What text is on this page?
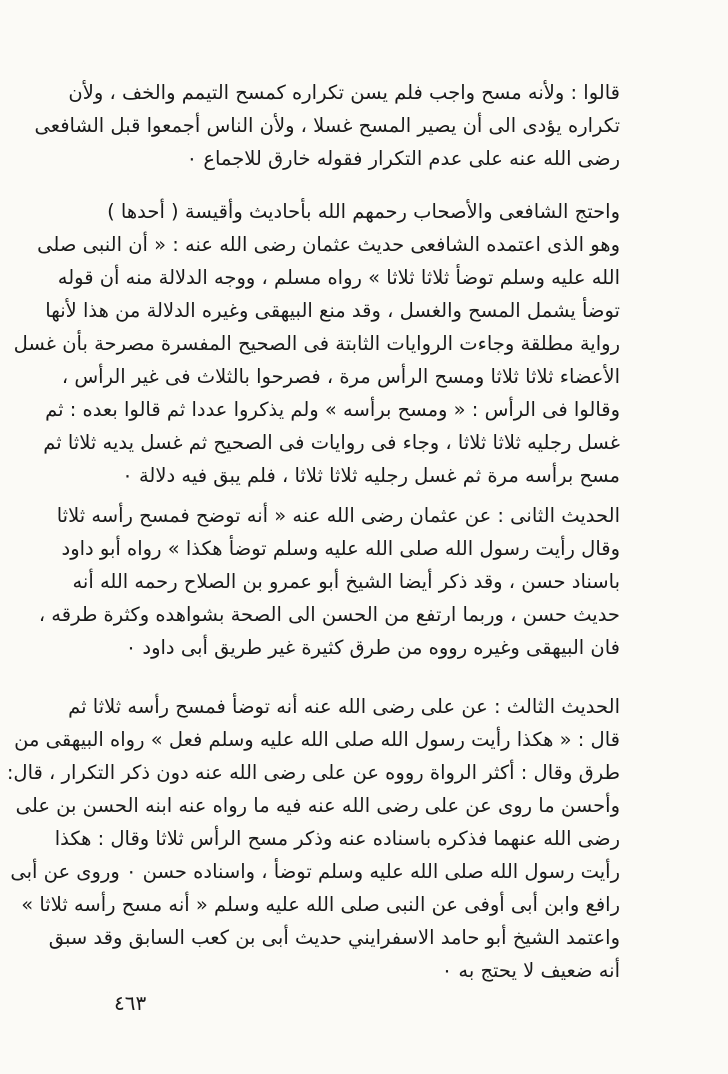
قالوا : ولأنه مسح واجب فلم يسن تكراره كمسح التيمم والخف ، ولأن
تكراره يؤدى الى أن يصير المسح غسلا ، ولأن الناس أجمعوا قبل الشافعى
رضى الله عنه على عدم التكرار فقوله خارق للاجماع ٠
واحتج الشافعى والأصحاب رحمهم الله بأحاديث وأقيسة ( أحدها )
وهو الذى اعتمده الشافعى حديث عثمان رضى الله عنه : « أن النبى صلى
الله عليه وسلم توضأ ثلاثا ثلاثا » رواه مسلم ، ووجه الدلالة منه أن قوله
توضأ يشمل المسح والغسل ، وقد منع البيهقى وغيره الدلالة من هذا لأنها
رواية مطلقة وجاءت الروايات الثابتة فى الصحيح المفسرة مصرحة بأن غسل
الأعضاء ثلاثا ثلاثا ومسح الرأس مرة ، فصرحوا بالثلاث فى غير الرأس ،
وقالوا فى الرأس : « ومسح برأسه » ولم يذكروا عددا ثم قالوا بعده : ثم
غسل رجليه ثلاثا ثلاثا ، وجاء فى روايات فى الصحيح ثم غسل يديه ثلاثا ثم
مسح برأسه مرة ثم غسل رجليه ثلاثا ثلاثا ، فلم يبق فيه دلالة ٠
الحديث الثانى : عن عثمان رضى الله عنه « أنه توضح فمسح رأسه ثلاثا
وقال رأيت رسول الله صلى الله عليه وسلم توضأ هكذا » رواه أبو داود
باسناد حسن ، وقد ذكر أيضا الشيخ أبو عمرو بن الصلاح رحمه الله أنه
حديث حسن ، وربما ارتفع من الحسن الى الصحة بشواهده وكثرة طرقه ،
فان البيهقى وغيره رووه من طرق كثيرة غير طريق أبى داود ٠
الحديث الثالث : عن على رضى الله عنه أنه توضأ فمسح رأسه ثلاثا ثم
قال : « هكذا رأيت رسول الله صلى الله عليه وسلم فعل » رواه البيهقى من
طرق وقال : أكثر الرواة رووه عن على رضى الله عنه دون ذكر التكرار ، قال:
وأحسن ما روى عن على رضى الله عنه فيه ما رواه عنه ابنه الحسن بن على
رضى الله عنهما فذكره باسناده عنه وذكر مسح الرأس ثلاثا وقال : هكذا
رأيت رسول الله صلى الله عليه وسلم توضأ ، واسناده حسن ٠ وروى عن أبى
رافع وابن أبى أوفى عن النبى صلى الله عليه وسلم « أنه مسح رأسه ثلاثا »
واعتمد الشيخ أبو حامد الاسفرايني حديث أبى بن كعب السابق وقد سبق
أنه ضعيف لا يحتج به ٠
٤٦٣
